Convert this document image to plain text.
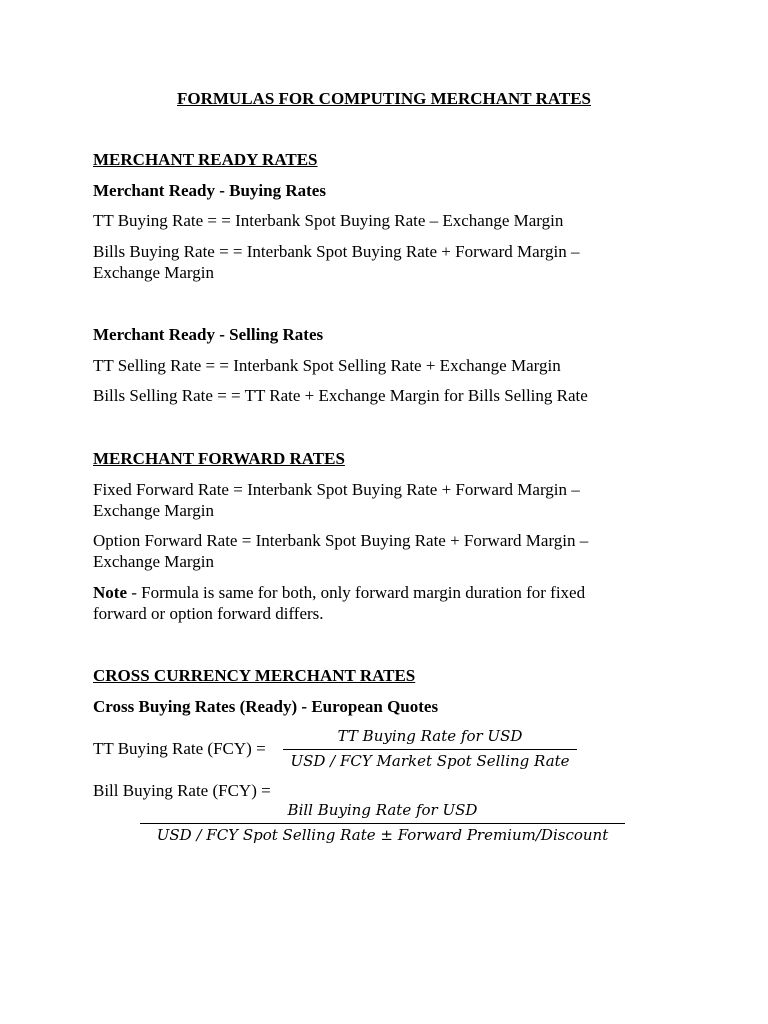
FORMULAS FOR COMPUTING MERCHANT RATES

MERCHANT READY RATES

Merchant Ready - Buying Rates

TT Buying Rate = = Interbank Spot Buying Rate – Exchange Margin

Bills Buying Rate = = Interbank Spot Buying Rate + Forward Margin –

Exchange Margin

Merchant Ready - Selling Rates

TT Selling Rate = = Interbank Spot Selling Rate + Exchange Margin

Bills Selling Rate = = TT Rate + Exchange Margin for Bills Selling Rate

MERCHANT FORWARD RATES

Fixed Forward Rate = Interbank Spot Buying Rate + Forward Margin –

Exchange Margin

Option Forward Rate = Interbank Spot Buying Rate + Forward Margin –

Exchange Margin

Note - Formula is same for both, only forward margin duration for fixed

forward or option forward differs.

CROSS CURRENCY MERCHANT RATES

Cross Buying Rates (Ready) - European Quotes

TT Buying Rate (FCY) =

TT Buying Rate for USD
USD / FCY Market Spot Selling Rate

Bill Buying Rate (FCY) =

Bill Buying Rate for USD
USD / FCY Spot Selling Rate ± Forward Premium/Discount
